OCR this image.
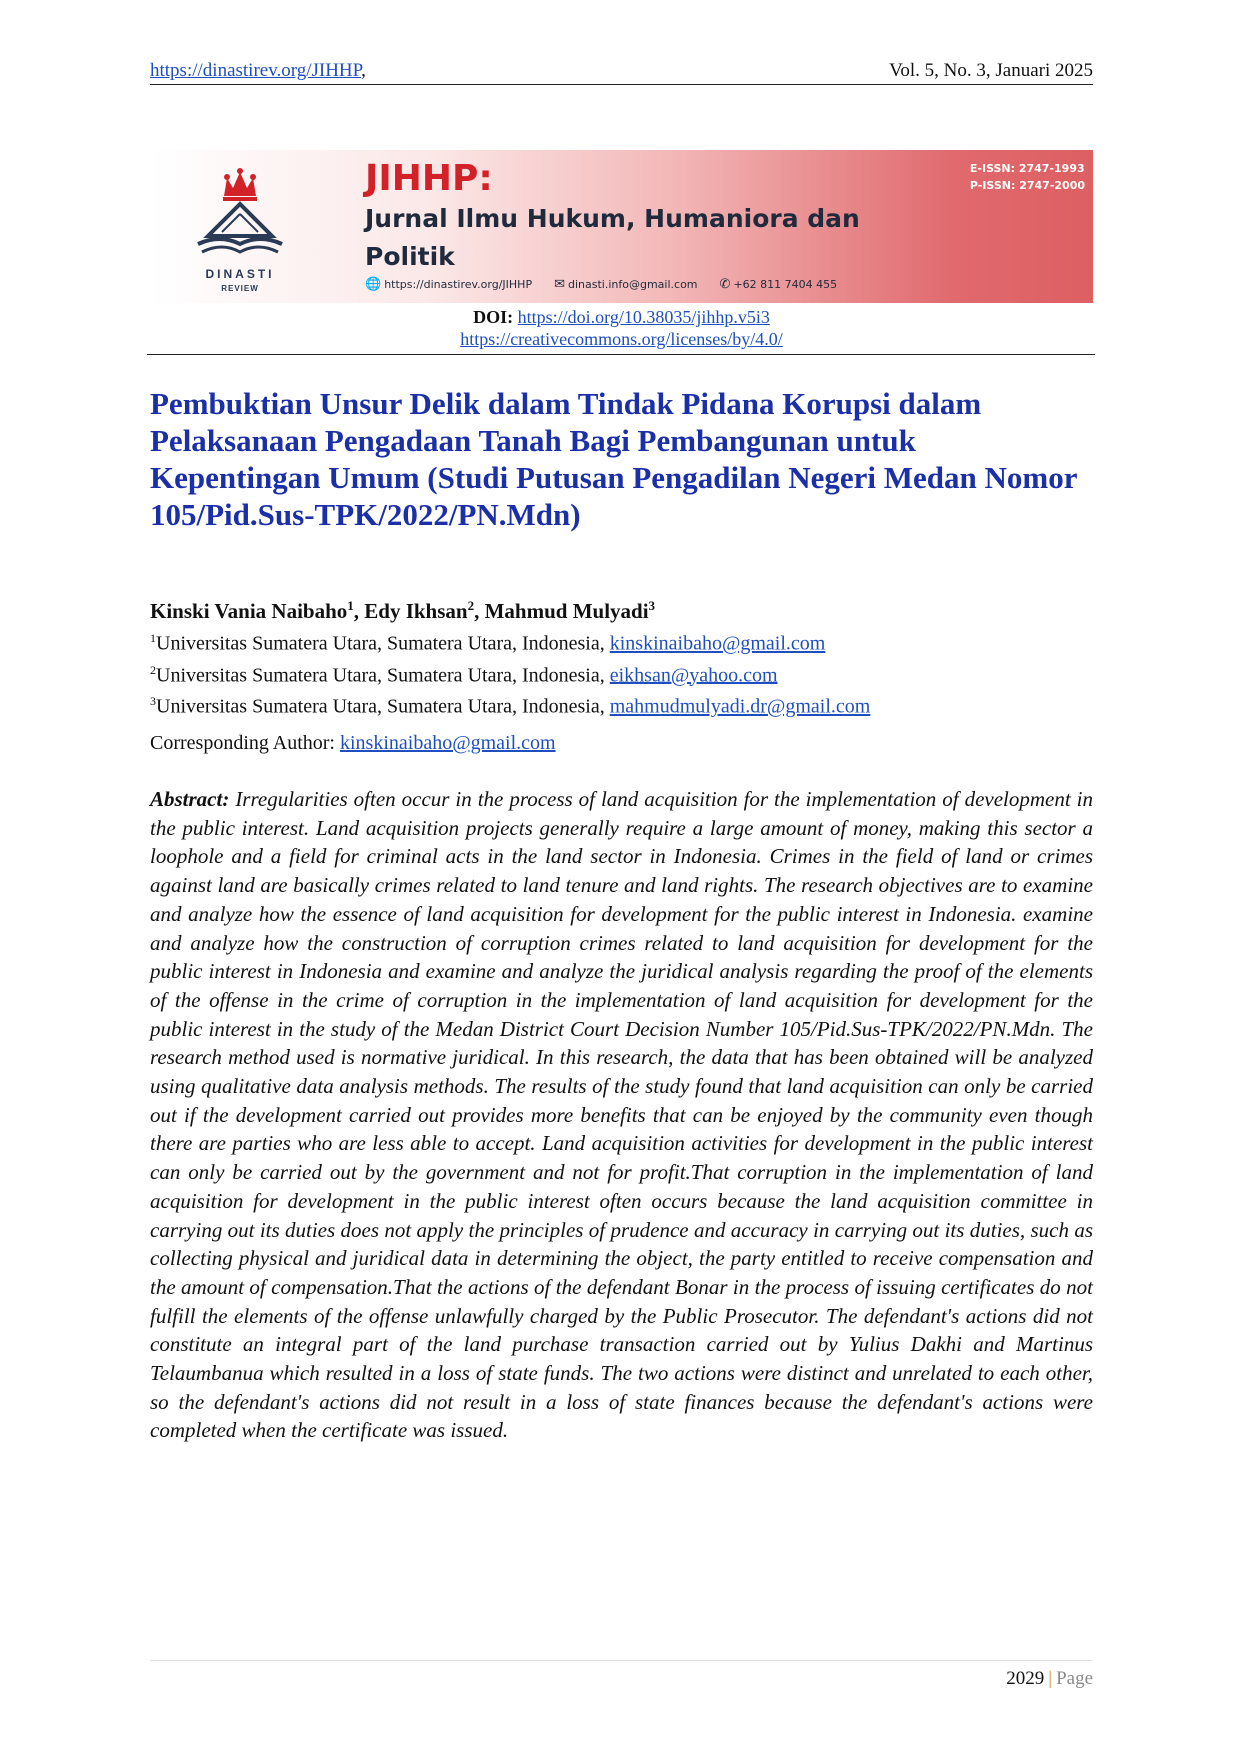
https://dinastirev.org/JIHHP,	Vol. 5, No. 3, Januari 2025
DINASTI
REVIEW
JIHHP:
Jurnal Ilmu Hukum, Humaniora dan Politik
🌐 https://dinastirev.org/JIHHP ✉ dinasti.info@gmail.com ✆ +62 811 7404 455
E-ISSN: 2747-1993
P-ISSN: 2747-2000
DOI: https://doi.org/10.38035/jihhp.v5i3
https://creativecommons.org/licenses/by/4.0/
Pembuktian Unsur Delik dalam Tindak Pidana Korupsi dalam Pelaksanaan Pengadaan Tanah Bagi Pembangunan untuk Kepentingan Umum (Studi Putusan Pengadilan Negeri Medan Nomor 105/Pid.Sus-TPK/2022/PN.Mdn)
Kinski Vania Naibaho$^1$, Edy Ikhsan$^2$, Mahmud Mulyadi$^3$
$^1$Universitas Sumatera Utara, Sumatera Utara, Indonesia, kinskinaibaho@gmail.com
$^2$Universitas Sumatera Utara, Sumatera Utara, Indonesia, eikhsan@yahoo.com
$^3$Universitas Sumatera Utara, Sumatera Utara, Indonesia, mahmudmulyadi.dr@gmail.com
Corresponding Author: kinskinaibaho@gmail.com
Abstract: Irregularities often occur in the process of land acquisition for the implementation of development in the public interest. Land acquisition projects generally require a large amount of money, making this sector a loophole and a field for criminal acts in the land sector in Indonesia. Crimes in the field of land or crimes against land are basically crimes related to land tenure and land rights. The research objectives are to examine and analyze how the essence of land acquisition for development for the public interest in Indonesia. examine and analyze how the construction of corruption crimes related to land acquisition for development for the public interest in Indonesia and examine and analyze the juridical analysis regarding the proof of the elements of the offense in the crime of corruption in the implementation of land acquisition for development for the public interest in the study of the Medan District Court Decision Number 105/Pid.Sus-TPK/2022/PN.Mdn. The research method used is normative juridical. In this research, the data that has been obtained will be analyzed using qualitative data analysis methods. The results of the study found that land acquisition can only be carried out if the development carried out provides more benefits that can be enjoyed by the community even though there are parties who are less able to accept. Land acquisition activities for development in the public interest can only be carried out by the government and not for profit.That corruption in the implementation of land acquisition for development in the public interest often occurs because the land acquisition committee in carrying out its duties does not apply the principles of prudence and accuracy in carrying out its duties, such as collecting physical and juridical data in determining the object, the party entitled to receive compensation and the amount of compensation.That the actions of the defendant Bonar in the process of issuing certificates do not fulfill the elements of the offense unlawfully charged by the Public Prosecutor. The defendant's actions did not constitute an integral part of the land purchase transaction carried out by Yulius Dakhi and Martinus Telaumbanua which resulted in a loss of state funds. The two actions were distinct and unrelated to each other, so the defendant's actions did not result in a loss of state finances because the defendant's actions were completed when the certificate was issued.
2029 | Page
